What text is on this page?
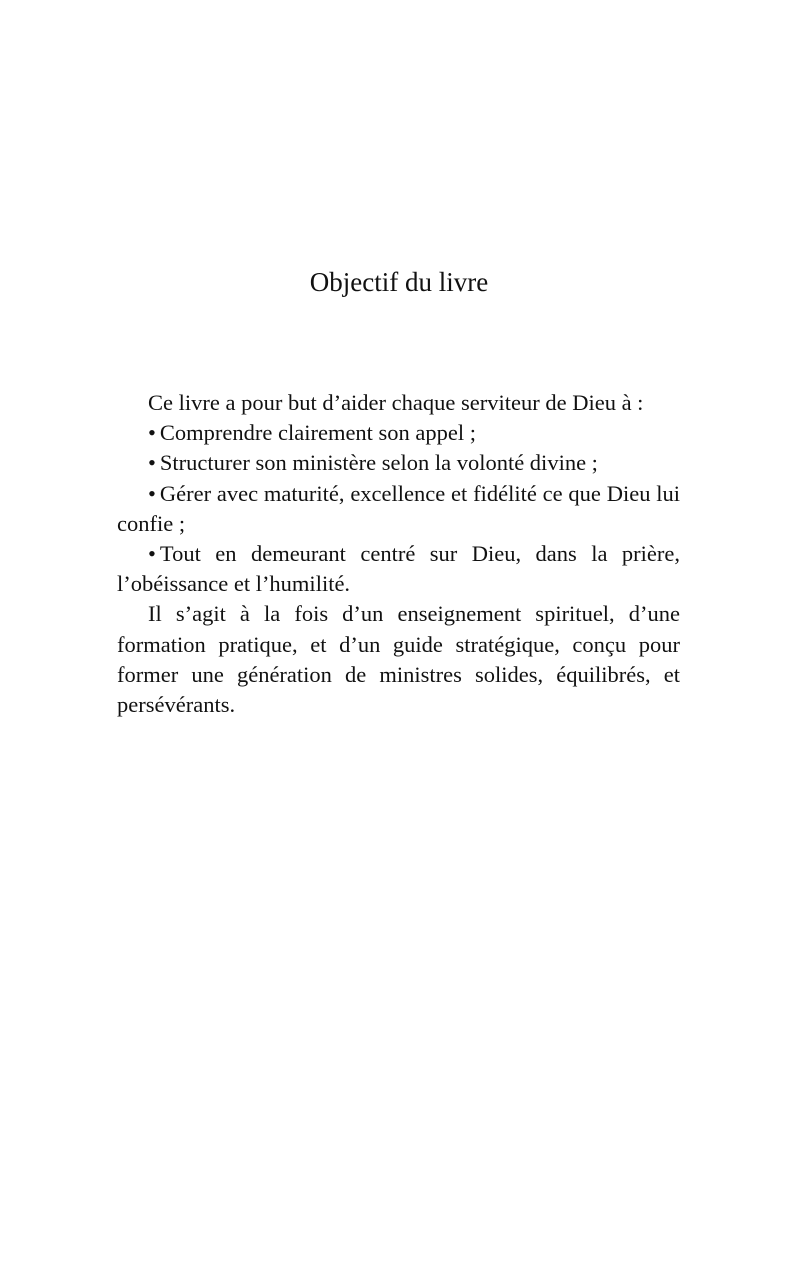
Objectif du livre

Ce livre a pour but d’aider chaque serviteur de Dieu à :

• Comprendre clairement son appel ;

• Structurer son ministère selon la volonté divine ;

• Gérer avec maturité, excellence et fidélité ce que Dieu lui confie ;

• Tout en demeurant centré sur Dieu, dans la prière, l’obéissance et l’humilité.

Il s’agit à la fois d’un enseignement spirituel, d’une formation pratique, et d’un guide stratégique, conçu pour former une génération de ministres solides, équilibrés, et persévérants.
